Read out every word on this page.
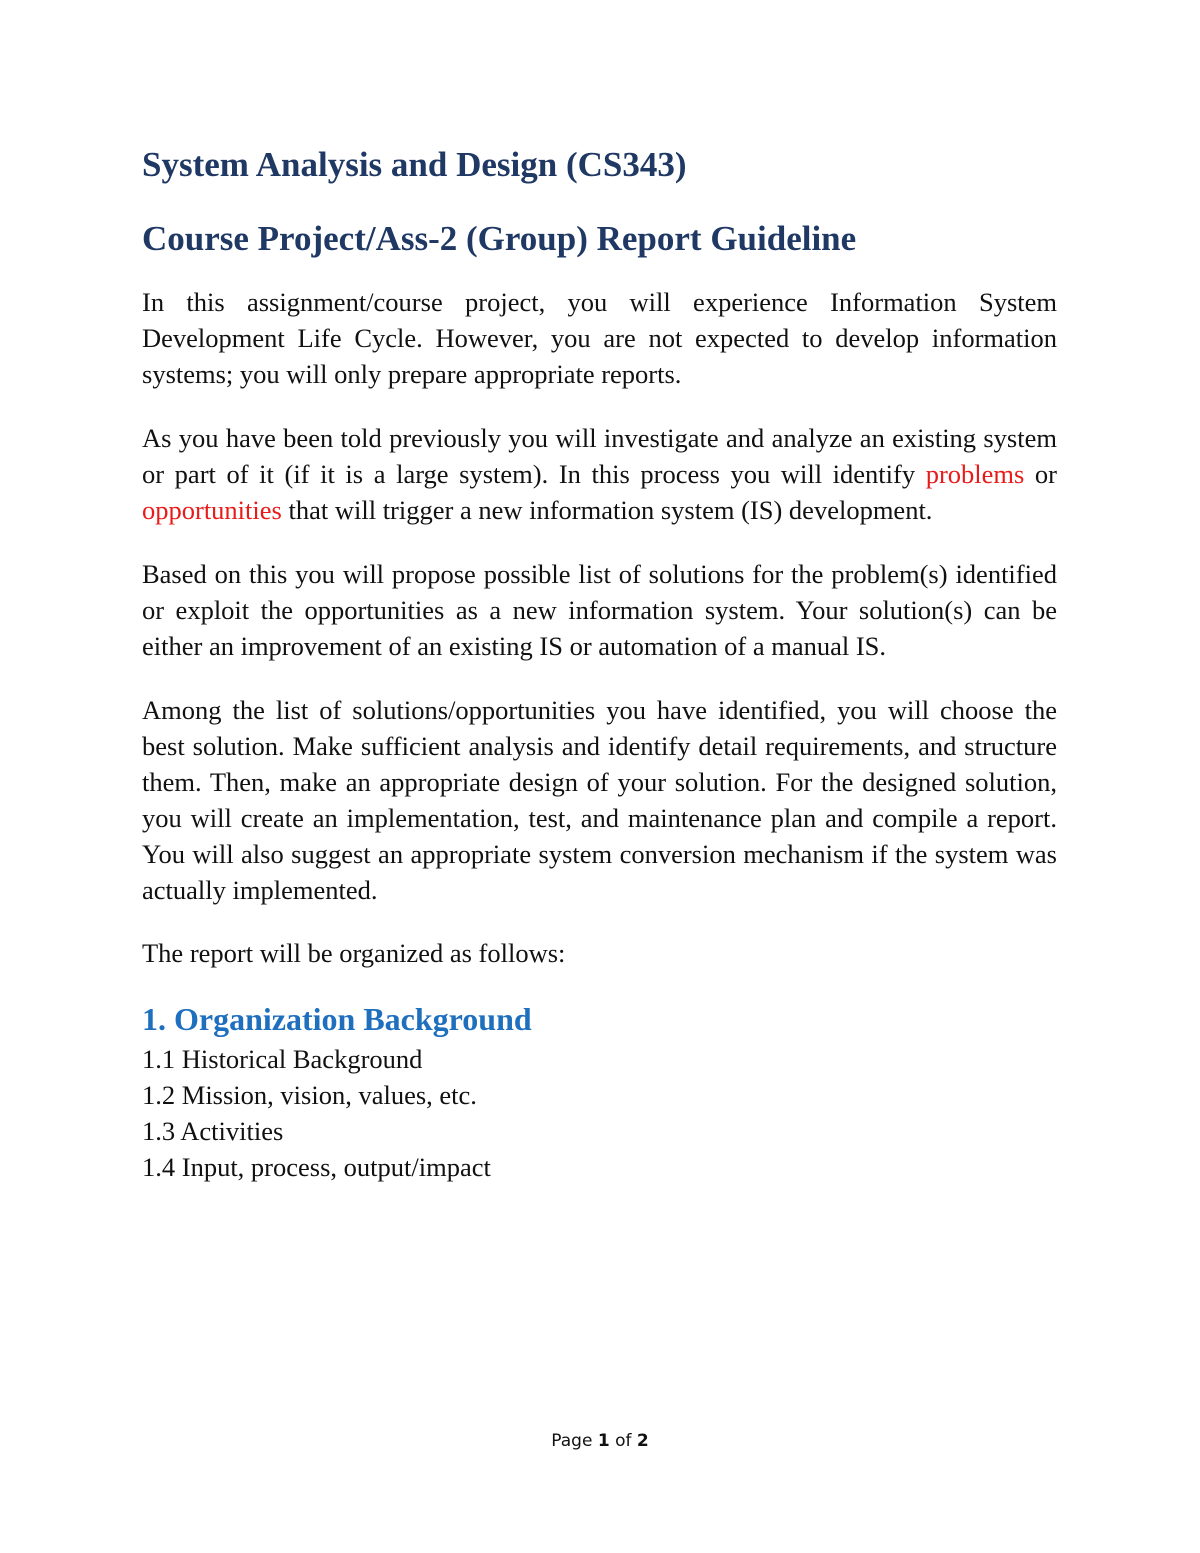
System Analysis and Design (CS343)
Course Project/Ass-2 (Group) Report Guideline

In this assignment/course project, you will experience Information System Development Life Cycle. However, you are not expected to develop information systems; you will only prepare appropriate reports.

As you have been told previously you will investigate and analyze an existing system or part of it (if it is a large system). In this process you will identify problems or opportunities that will trigger a new information system (IS) development.

Based on this you will propose possible list of solutions for the problem(s) identified or exploit the opportunities as a new information system. Your solution(s) can be either an improvement of an existing IS or automation of a manual IS.

Among the list of solutions/opportunities you have identified, you will choose the best solution. Make sufficient analysis and identify detail requirements, and structure them. Then, make an appropriate design of your solution. For the designed solution, you will create an implementation, test, and maintenance plan and compile a report. You will also suggest an appropriate system conversion mechanism if the system was actually implemented.

The report will be organized as follows:

1. Organization Background
1.1 Historical Background
1.2 Mission, vision, values, etc.
1.3 Activities
1.4 Input, process, output/impact
Page 1 of 2
